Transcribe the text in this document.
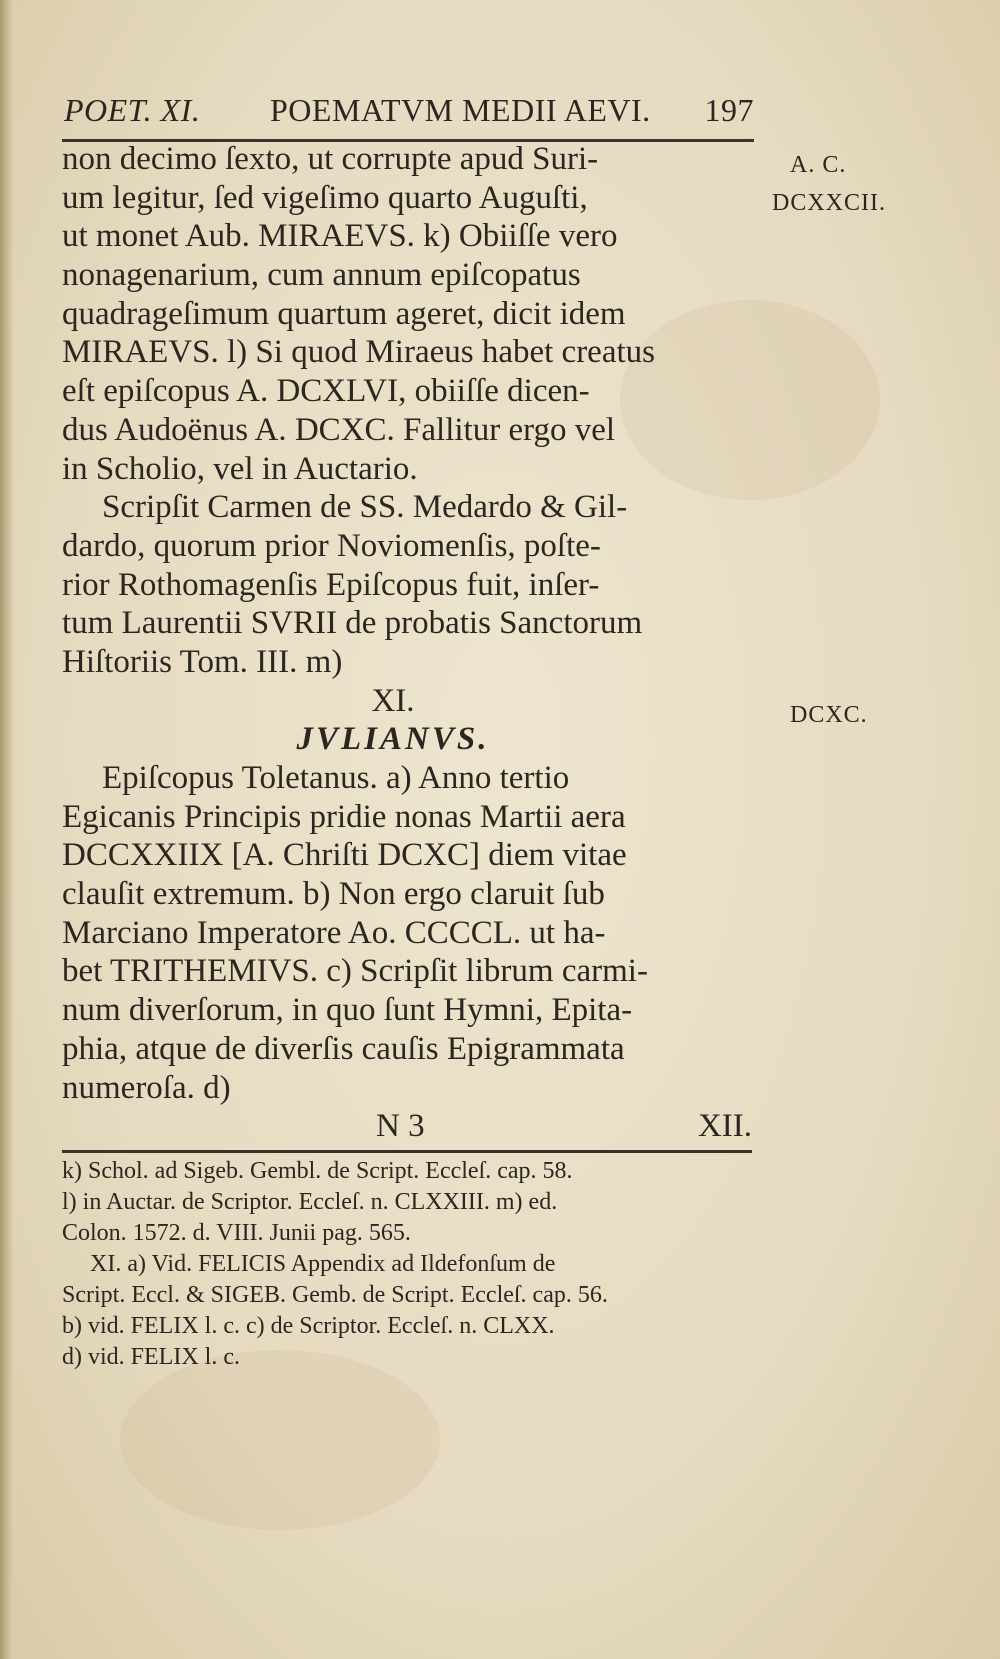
POET. XI. POEMATVM MEDII AEVI. 197
A. C.
DCXXCII.
DCXC.
non decimo ſexto, ut corrupte apud Suri-
um legitur, ſed vigeſimo quarto Auguſti,
ut monet Aub. MIRAEVS. k) Obiiſſe vero
nonagenarium, cum annum epiſcopatus
quadrageſimum quartum ageret, dicit idem
MIRAEVS. l) Si quod Miraeus habet creatus
eſt epiſcopus A. DCXLVI, obiiſſe dicen-
dus Audoënus A. DCXC. Fallitur ergo vel
in Scholio, vel in Auctario.
Scripſit Carmen de SS. Medardo & Gil-
dardo, quorum prior Noviomenſis, poſte-
rior Rothomagenſis Epiſcopus fuit, inſer-
tum Laurentii SVRII de probatis Sanctorum
Hiſtoriis Tom. III. m)
XI.
JVLIANVS.
Epiſcopus Toletanus. a) Anno tertio
Egicanis Principis pridie nonas Martii aera
DCCXXIIX [A. Chriſti DCXC] diem vitae
clauſit extremum. b) Non ergo claruit ſub
Marciano Imperatore Ao. CCCCL. ut ha-
bet TRITHEMIVS. c) Scripſit librum carmi-
num diverſorum, in quo ſunt Hymni, Epita-
phia, atque de diverſis cauſis Epigrammata
numeroſa. d)
N 3	XII.
k) Schol. ad Sigeb. Gembl. de Script. Eccleſ. cap. 58.
l) in Auctar. de Scriptor. Eccleſ. n. CLXXIII. m) ed.
Colon. 1572. d. VIII. Junii pag. 565.
XI. a) Vid. FELICIS Appendix ad Ildefonſum de
Script. Eccl. & SIGEB. Gemb. de Script. Eccleſ. cap. 56.
b) vid. FELIX l. c. c) de Scriptor. Eccleſ. n. CLXX.
d) vid. FELIX l. c.
